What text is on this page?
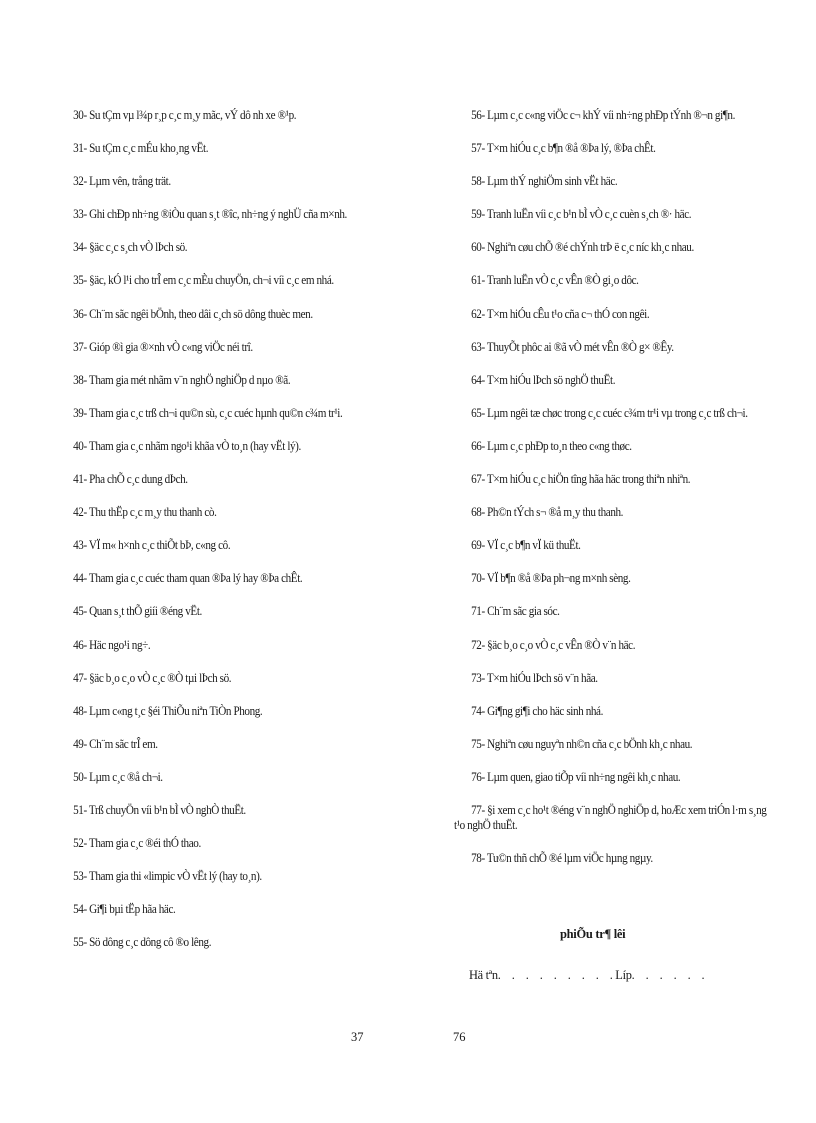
30- Su tÇm vµ l¾p r¸p c¸c m¸y mãc, vÝ dô nh xe ®¹p.
31- Su tÇm c¸c mÉu kho¸ng vËt.
32- Lµm vên, trång trät.
33- Ghi chÐp nh÷ng ®iÒu quan s¸t ®îc, nh÷ng ý nghÜ cña m×nh.
34- §äc c¸c s¸ch vÒ lÞch sö.
35- §äc, kÓ l¹i cho trÎ em c¸c mÈu chuyÖn, ch¬i víi c¸c em nhá.
36- Ch¨m sãc ngêi bÖnh, theo dâi c¸ch sö dông thuèc men.
37- Gióp ®ì gia ®×nh vÒ c«ng viÖc néi trî.
38- Tham gia mét nhãm v¨n nghÖ nghiÖp d nµo ®ã.
39- Tham gia c¸c trß ch¬i qu©n sù, c¸c cuéc hµnh qu©n c¾m tr¹i.
40- Tham gia c¸c nhãm ngo¹i khãa vÒ to¸n (hay vËt lý).
41- Pha chÕ c¸c dung dÞch.
42- Thu thËp c¸c m¸y thu thanh cò.
43- VÏ m« h×nh c¸c thiÕt bÞ, c«ng cô.
44- Tham gia c¸c cuéc tham quan ®Þa lý hay ®Þa chÊt.
45- Quan s¸t thÕ giíi ®éng vËt.
46- Häc ngo¹i ng÷.
47- §äc b¸o c¸o vÒ c¸c ®Ò tµi lÞch sö.
48- Lµm c«ng t¸c §éi ThiÕu niªn TiÒn Phong.
49- Ch¨m sãc trÎ em.
50- Lµm c¸c ®å ch¬i.
51- Trß chuyÖn víi b¹n bÌ vÒ nghÒ thuËt.
52- Tham gia c¸c ®éi thÓ thao.
53- Tham gia thi «limpic vÒ vËt lý (hay to¸n).
54- Gi¶i bµi tËp hãa häc.
55- Sö dông c¸c dông cô ®o lêng.
56- Lµm c¸c c«ng viÖc c¬ khÝ víi nh÷ng phÐp tÝnh ®¬n gi¶n.
57- T×m hiÓu c¸c b¶n ®å ®Þa lý, ®Þa chÊt.
58- Lµm thÝ nghiÖm sinh vËt häc.
59- Tranh luËn víi c¸c b¹n bÌ vÒ c¸c cuèn s¸ch ®· häc.
60- Nghiªn cøu chÕ ®é chÝnh trÞ ë c¸c níc kh¸c nhau.
61- Tranh luËn vÒ c¸c vÊn ®Ò gi¸o dôc.
62- T×m hiÓu cÊu t¹o cña c¬ thÓ con ngêi.
63- ThuyÕt phôc ai ®ã vÒ mét vÊn ®Ò g× ®Êy.
64- T×m hiÓu lÞch sö nghÖ thuËt.
65- Lµm ngêi tæ chøc trong c¸c cuéc c¾m tr¹i vµ trong c¸c trß ch¬i.
66- Lµm c¸c phÐp to¸n theo c«ng thøc.
67- T×m hiÓu c¸c hiÖn tîng hãa häc trong thiªn nhiªn.
68- Ph©n tÝch s¬ ®å m¸y thu thanh.
69- VÏ c¸c b¶n vÏ kü thuËt.
70- VÏ b¶n ®å ®Þa ph¬ng m×nh sèng.
71- Ch¨m sãc gia sóc.
72- §äc b¸o c¸o vÒ c¸c vÊn ®Ò v¨n häc.
73- T×m hiÓu lÞch sö v¨n hãa.
74- Gi¶ng gi¶i cho häc sinh nhá.
75- Nghiªn cøu nguyªn nh©n cña c¸c bÖnh kh¸c nhau.
76- Lµm quen, giao tiÕp víi nh÷ng ngêi kh¸c nhau.
77- §i xem c¸c ho¹t ®éng v¨n nghÖ nghiÖp d, hoÆc xem triÓn l·m s¸ng t¹o nghÖ thuËt.
78- Tu©n thñ chÕ ®é lµm viÖc hµng ngµy.
phiÕu tr¶ lêi
Hä tªn.    .    .    .    .    .    .    .    . Líp.    .    .    .    .    .
37	76
